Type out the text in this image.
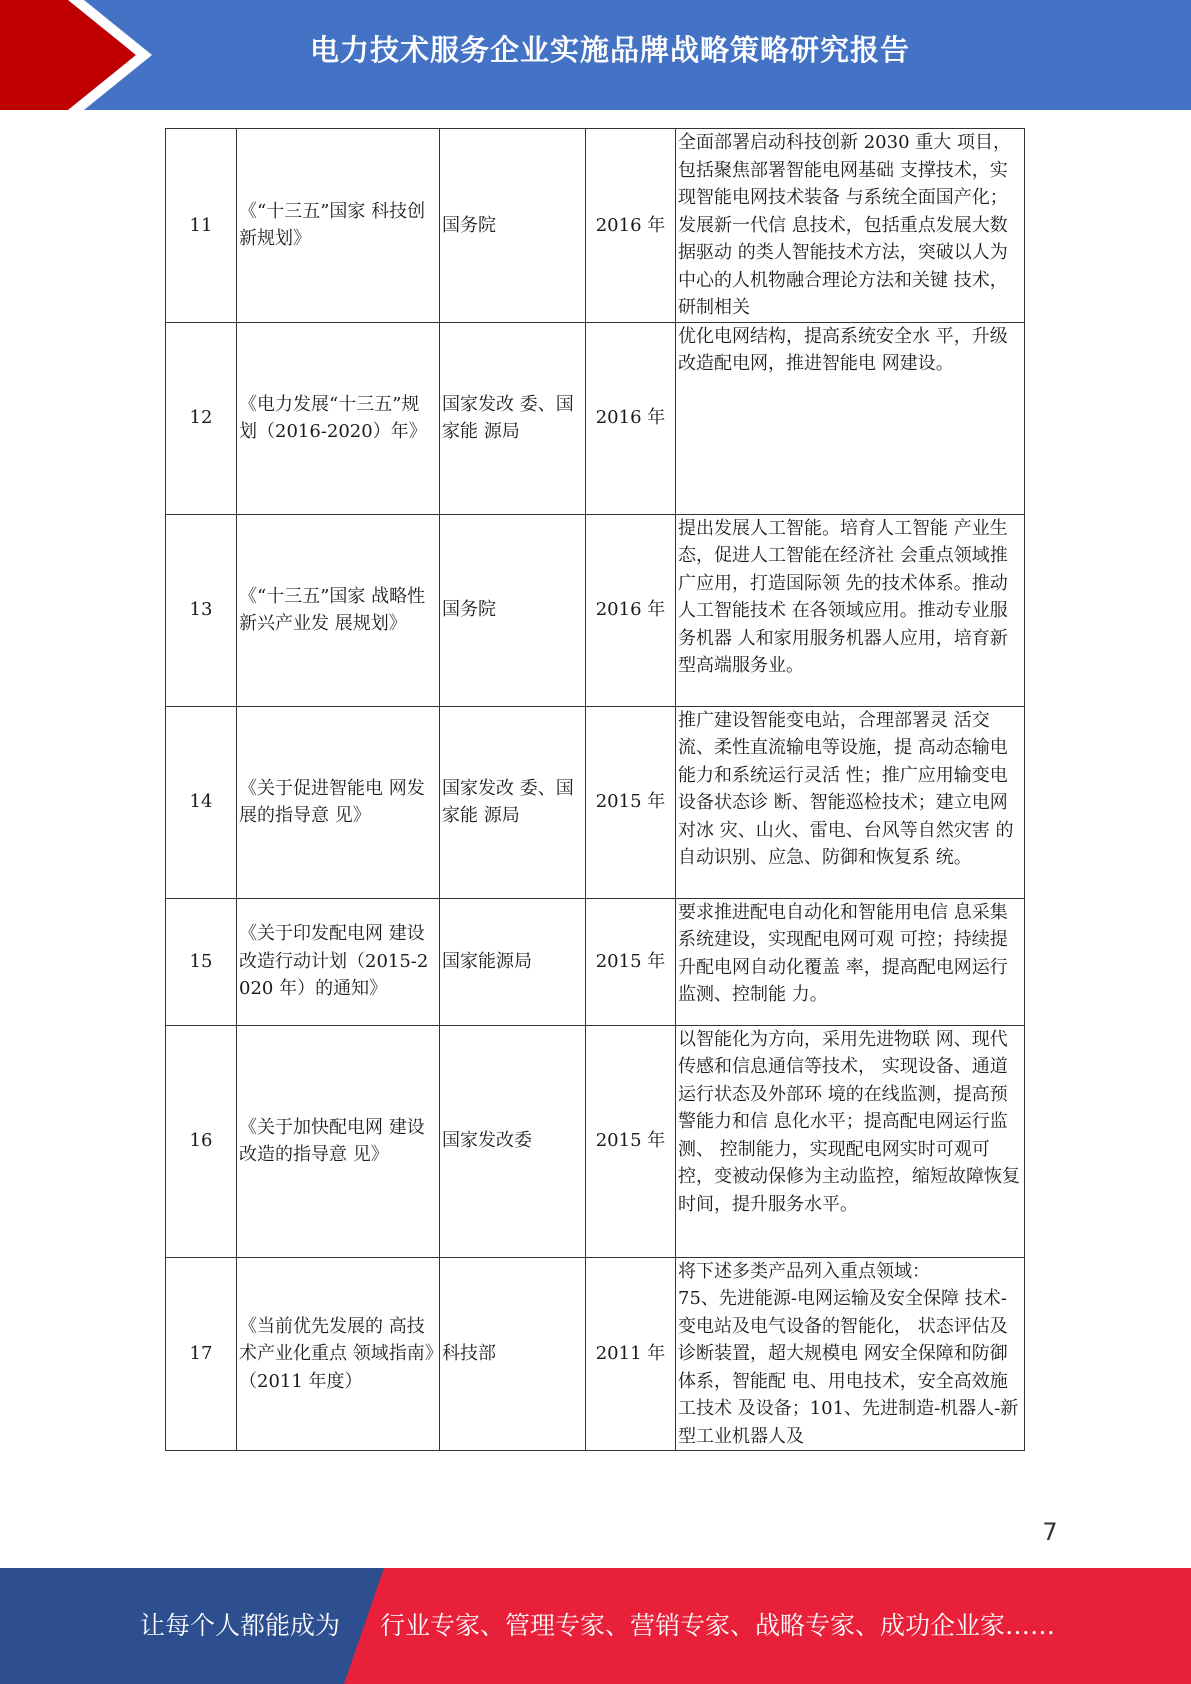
电力技术服务企业实施品牌战略策略研究报告
11	《“十三五”国家 科技创新规划》	国务院	2016 年	全面部署启动科技创新 2030 重大 项目，包括聚焦部署智能电网基础 支撑技术，实现智能电网技术装备 与系统全面国产化；发展新一代信 息技术，包括重点发展大数据驱动 的类人智能技术方法，突破以人为 中心的人机物融合理论方法和关键 技术，研制相关
12	《电力发展“十三五”规划（2016-2020）年》	国家发改 委、国家能 源局	2016 年	优化电网结构，提高系统安全水 平，升级改造配电网，推进智能电 网建设。
13	《“十三五”国家 战略性新兴产业发 展规划》	国务院	2016 年	提出发展人工智能。培育人工智能 产业生态，促进人工智能在经济社 会重点领域推广应用，打造国际领 先的技术体系。推动人工智能技术 在各领域应用。推动专业服务机器 人和家用服务机器人应用，培育新 型高端服务业。
14	《关于促进智能电 网发展的指导意 见》	国家发改 委、国家能 源局	2015 年	推广建设智能变电站，合理部署灵 活交流、柔性直流输电等设施，提 高动态输电能力和系统运行灵活 性；推广应用输变电设备状态诊 断、智能巡检技术；建立电网对冰 灾、山火、雷电、台风等自然灾害 的自动识别、应急、防御和恢复系 统。
15	《关于印发配电网 建设改造行动计划（2015-2020 年）的通知》	国家能源局	2015 年	要求推进配电自动化和智能用电信 息采集系统建设，实现配电网可观 可控；持续提升配电网自动化覆盖 率，提高配电网运行监测、控制能 力。
16	《关于加快配电网 建设改造的指导意 见》	国家发改委	2015 年	以智能化为方向，采用先进物联 网、现代传感和信息通信等技术， 实现设备、通道运行状态及外部环 境的在线监测，提高预警能力和信 息化水平；提高配电网运行监测、 控制能力，实现配电网实时可观可 控，变被动保修为主动监控，缩短故障恢复时间，提升服务水平。
17	《当前优先发展的 高技术产业化重点 领域指南》（2011 年度）	科技部	2011 年	将下述多类产品列入重点领域：
75、先进能源-电网运输及安全保障 技术-变电站及电气设备的智能化， 状态评估及诊断装置，超大规模电 网安全保障和防御体系，智能配 电、用电技术，安全高效施工技术 及设备；101、先进制造-机器人-新 型工业机器人及
7
让每个人都能成为	行业专家、管理专家、营销专家、战略专家、成功企业家……
